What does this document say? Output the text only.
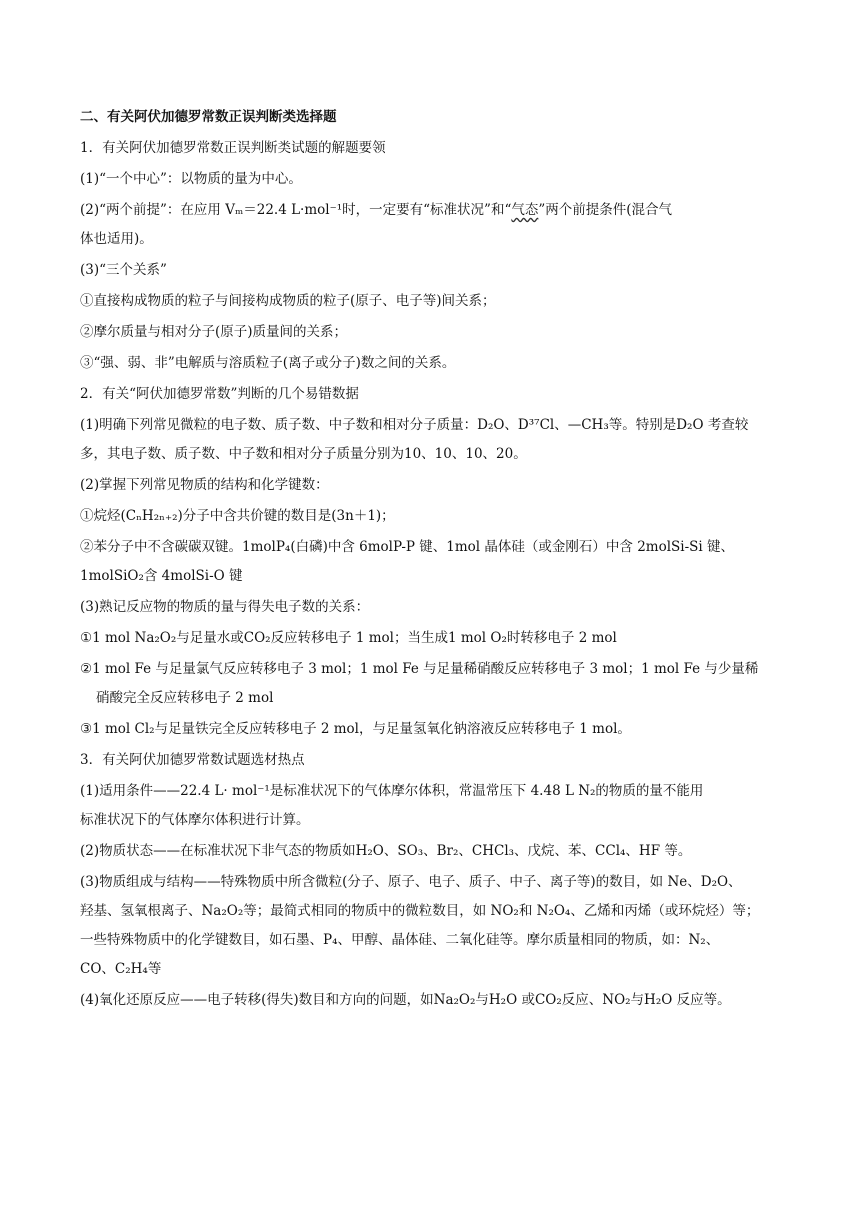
二、有关阿伏加德罗常数正误判断类选择题
1．有关阿伏加德罗常数正误判断类试题的解题要领
(1)“一个中心”：以物质的量为中心。
(2)“两个前提”：在应用 Vₘ＝22.4 L·mol⁻¹时，一定要有“标准状况”和“气态”两个前提条件(混合气
体也适用)。
(3)“三个关系”
①直接构成物质的粒子与间接构成物质的粒子(原子、电子等)间关系；
②摩尔质量与相对分子(原子)质量间的关系；
③“强、弱、非”电解质与溶质粒子(离子或分子)数之间的关系。
2．有关“阿伏加德罗常数”判断的几个易错数据
(1)明确下列常见微粒的电子数、质子数、中子数和相对分子质量：D₂O、D³⁷Cl、—CH₃等。特别是D₂O 考查较
多，其电子数、质子数、中子数和相对分子质量分别为10、10、10、20。
(2)掌握下列常见物质的结构和化学键数：
①烷烃(CₙH₂ₙ₊₂)分子中含共价键的数目是(3n＋1)；
②苯分子中不含碳碳双键。1molP₄(白磷)中含 6molP-P 键、1mol 晶体硅（或金刚石）中含 2molSi-Si 键、
1molSiO₂含 4molSi-O 键
(3)熟记反应物的物质的量与得失电子数的关系：
①1 mol Na₂O₂与足量水或CO₂反应转移电子 1 mol；当生成1 mol O₂时转移电子 2 mol
②1 mol Fe 与足量氯气反应转移电子 3 mol；1 mol Fe 与足量稀硝酸反应转移电子 3 mol；1 mol Fe 与少量稀
硝酸完全反应转移电子 2 mol
③1 mol Cl₂与足量铁完全反应转移电子 2 mol，与足量氢氧化钠溶液反应转移电子 1 mol。
3．有关阿伏加德罗常数试题选材热点
(1)适用条件——22.4 L· mol⁻¹是标准状况下的气体摩尔体积，常温常压下 4.48 L N₂的物质的量不能用
标准状况下的气体摩尔体积进行计算。
(2)物质状态——在标准状况下非气态的物质如H₂O、SO₃、Br₂、CHCl₃、戊烷、苯、CCl₄、HF 等。
(3)物质组成与结构——特殊物质中所含微粒(分子、原子、电子、质子、中子、离子等)的数目，如 Ne、D₂O、
羟基、氢氧根离子、Na₂O₂等；最简式相同的物质中的微粒数目，如 NO₂和 N₂O₄、乙烯和丙烯（或环烷烃）等；
一些特殊物质中的化学键数目，如石墨、P₄、甲醇、晶体硅、二氧化硅等。摩尔质量相同的物质，如：N₂、
CO、C₂H₄等
(4)氧化还原反应——电子转移(得失)数目和方向的问题，如Na₂O₂与H₂O 或CO₂反应、NO₂与H₂O 反应等。
